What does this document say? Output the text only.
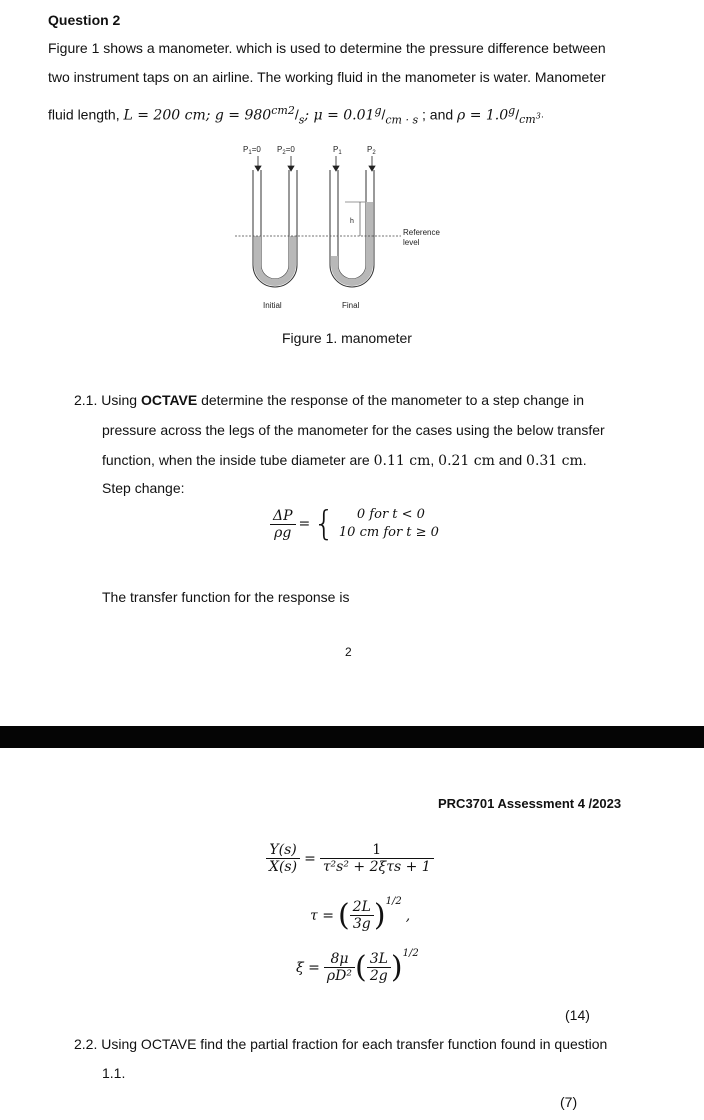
Question 2
Figure 1 shows a manometer. which is used to determine the pressure difference between
two instrument taps on an airline. The working fluid in the manometer is water. Manometer
fluid length, L = 200 cm; $g = 980^{cm2}/_s$; $\mu = 0.01^g/_{cm \cdot s}$ ; and $\rho = 1.0^g/_{cm^3}\cdot$
$P_1=0$ $P_2=0$	$P_1$	$P_2$
h
Reference
level
Initial	Final
Figure 1. manometer
2.1. Using OCTAVE determine the response of the manometer to a step change in
pressure across the legs of the manometer for the cases using the below transfer
function, when the inside tube diameter are 0.11 cm, 0.21 cm and 0.31 cm.
Step change:
$\frac{\Delta P}{\rho g}$ = {	0 for t < 0
10 cm for t ≥ 0
The transfer function for the response is
2
PRC3701 Assessment 4 /2023
$\frac{Y(s)}{X(s)} = \frac{1}{\text{τ²s² + 2ξτs + 1}}$
τ = ( $\frac{2L}{3g}$ ) 1/2
,
$\xi = \frac{8\mu}{\text{ρD²}}$ ( $\frac{3L}{2g}$ ) 1/2
(14)
2.2. Using OCTAVE find the partial fraction for each transfer function found in question
1.1.
(7)
